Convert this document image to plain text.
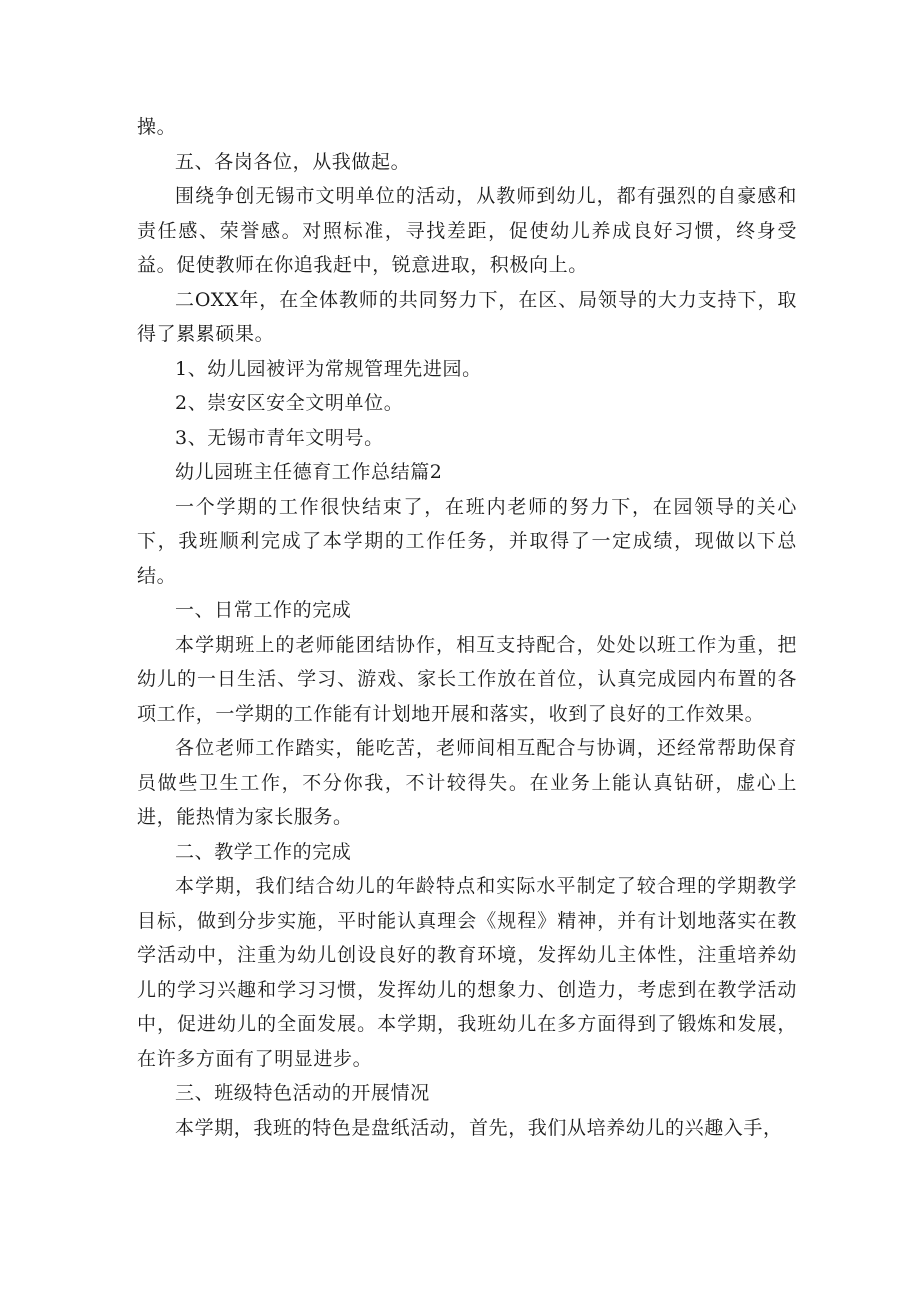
操。

五、各岗各位，从我做起。

围绕争创无锡市文明单位的活动，从教师到幼儿，都有强烈的自豪感和责任感、荣誉感。对照标准，寻找差距，促使幼儿养成良好习惯，终身受益。促使教师在你追我赶中，锐意进取，积极向上。

二OXX年，在全体教师的共同努力下，在区、局领导的大力支持下，取得了累累硕果。

1、幼儿园被评为常规管理先进园。

2、崇安区安全文明单位。

3、无锡市青年文明号。

幼儿园班主任德育工作总结篇2

一个学期的工作很快结束了，在班内老师的努力下，在园领导的关心下，我班顺利完成了本学期的工作任务，并取得了一定成绩，现做以下总结。

一、日常工作的完成

本学期班上的老师能团结协作，相互支持配合，处处以班工作为重，把幼儿的一日生活、学习、游戏、家长工作放在首位，认真完成园内布置的各项工作，一学期的工作能有计划地开展和落实，收到了良好的工作效果。

各位老师工作踏实，能吃苦，老师间相互配合与协调，还经常帮助保育员做些卫生工作，不分你我，不计较得失。在业务上能认真钻研，虚心上进，能热情为家长服务。

二、教学工作的完成

本学期，我们结合幼儿的年龄特点和实际水平制定了较合理的学期教学目标，做到分步实施，平时能认真理会《规程》精神，并有计划地落实在教学活动中，注重为幼儿创设良好的教育环境，发挥幼儿主体性，注重培养幼儿的学习兴趣和学习习惯，发挥幼儿的想象力、创造力，考虑到在教学活动中，促进幼儿的全面发展。本学期，我班幼儿在多方面得到了锻炼和发展，在许多方面有了明显进步。

三、班级特色活动的开展情况

本学期，我班的特色是盘纸活动，首先，我们从培养幼儿的兴趣入手，
